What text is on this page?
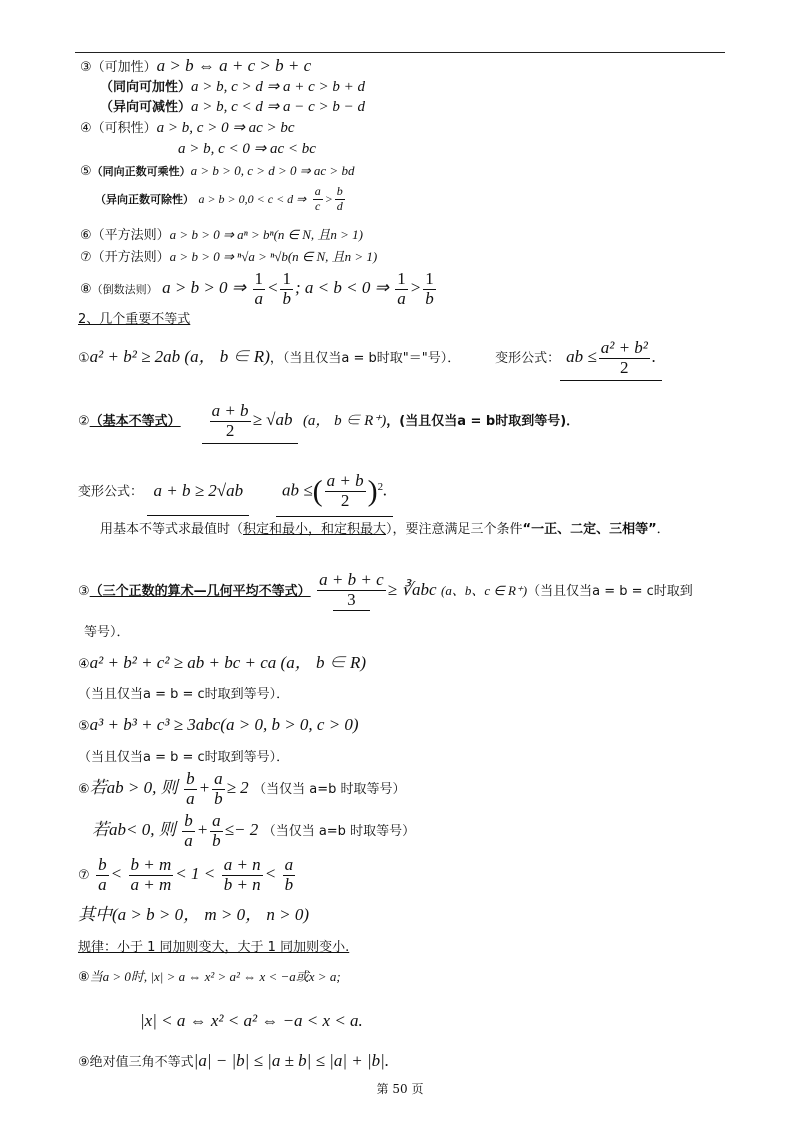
③（可加性）a > b ⇔ a + c > b + c
（同向可加性）a > b, c > d ⇒ a + c > b + d
（异向可减性）a > b, c < d ⇒ a − c > b − d
④（可积性）a > b, c > 0 ⇒ ac > bc
a > b, c < 0 ⇒ ac < bc
⑤（同向正数可乘性）a > b > 0, c > d > 0 ⇒ ac > bd
（异向正数可除性） a > b > 0,0 < c < d ⇒ $\frac{a}{c} > \frac{b}{d}$
⑥（平方法则）a > b > 0 ⇒ aⁿ > bⁿ(n ∈ N, 且n > 1)
⑦（开方法则）a > b > 0 ⇒ ⁿ√a > ⁿ√b(n ∈ N, 且n > 1)
⑧（倒数法则） a > b > 0 ⇒ $\frac{1}{a} < \frac{1}{b}$ ; a < b < 0 ⇒ $\frac{1}{a} > \frac{1}{b}$
2、几个重要不等式
①a² + b² ≥ 2ab (a， b ∈ R)，（当且仅当a = b时取"＝"号）．	变形公式： ab ≤ $\frac{\text{a² + b²}}{2}$ .
②（基本不等式） $\frac{a + b}{2} \ge √ab$ (a， b ∈ R⁺)，(当且仅当a = b时取到等号)．
变形公式： a + b ≥ 2√ab ab ≤( $\frac{a + b}{2} )^2$.
用基本不等式求最值时（积定和最小，和定积最大），要注意满足三个条件“一正、二定、三相等”．
③（三个正数的算术—几何平均不等式） $\frac{a + b + c}{3}$ ≥ ∛abc (a、b、c ∈ R⁺)（当且仅当a = b = c时取到
等号）．
④a² + b² + c² ≥ ab + bc + ca (a， b ∈ R)
（当且仅当a = b = c时取到等号）．
⑤a³ + b³ + c³ ≥ 3abc(a > 0, b > 0, c > 0)
（当且仅当a = b = c时取到等号）．
⑥若ab > 0, 则 $\frac{b}{a} + \frac{a}{b} \ge 2$ （当仅当 a=b 时取等号）
若ab< 0, 则 $\frac{b}{a} + \frac{a}{b} \le- 2$ （当仅当 a=b 时取等号）
⑦ $\frac{b}{a} < \frac{b + m}{a + m} < 1 < \frac{a + n}{b + n} < \frac{a}{b}$
其中(a > b > 0， m > 0， n > 0)
规律：小于 1 同加则变大，大于 1 同加则变小.
⑧当a > 0时, |x| > a ⇔ x² > a² ⇔ x < −a或x > a;
|x| < a ⇔ x² < a² ⇔ −a < x < a.
⑨绝对值三角不等式|a| − |b| ≤ |a ± b| ≤ |a| + |b|.
第 50 页
